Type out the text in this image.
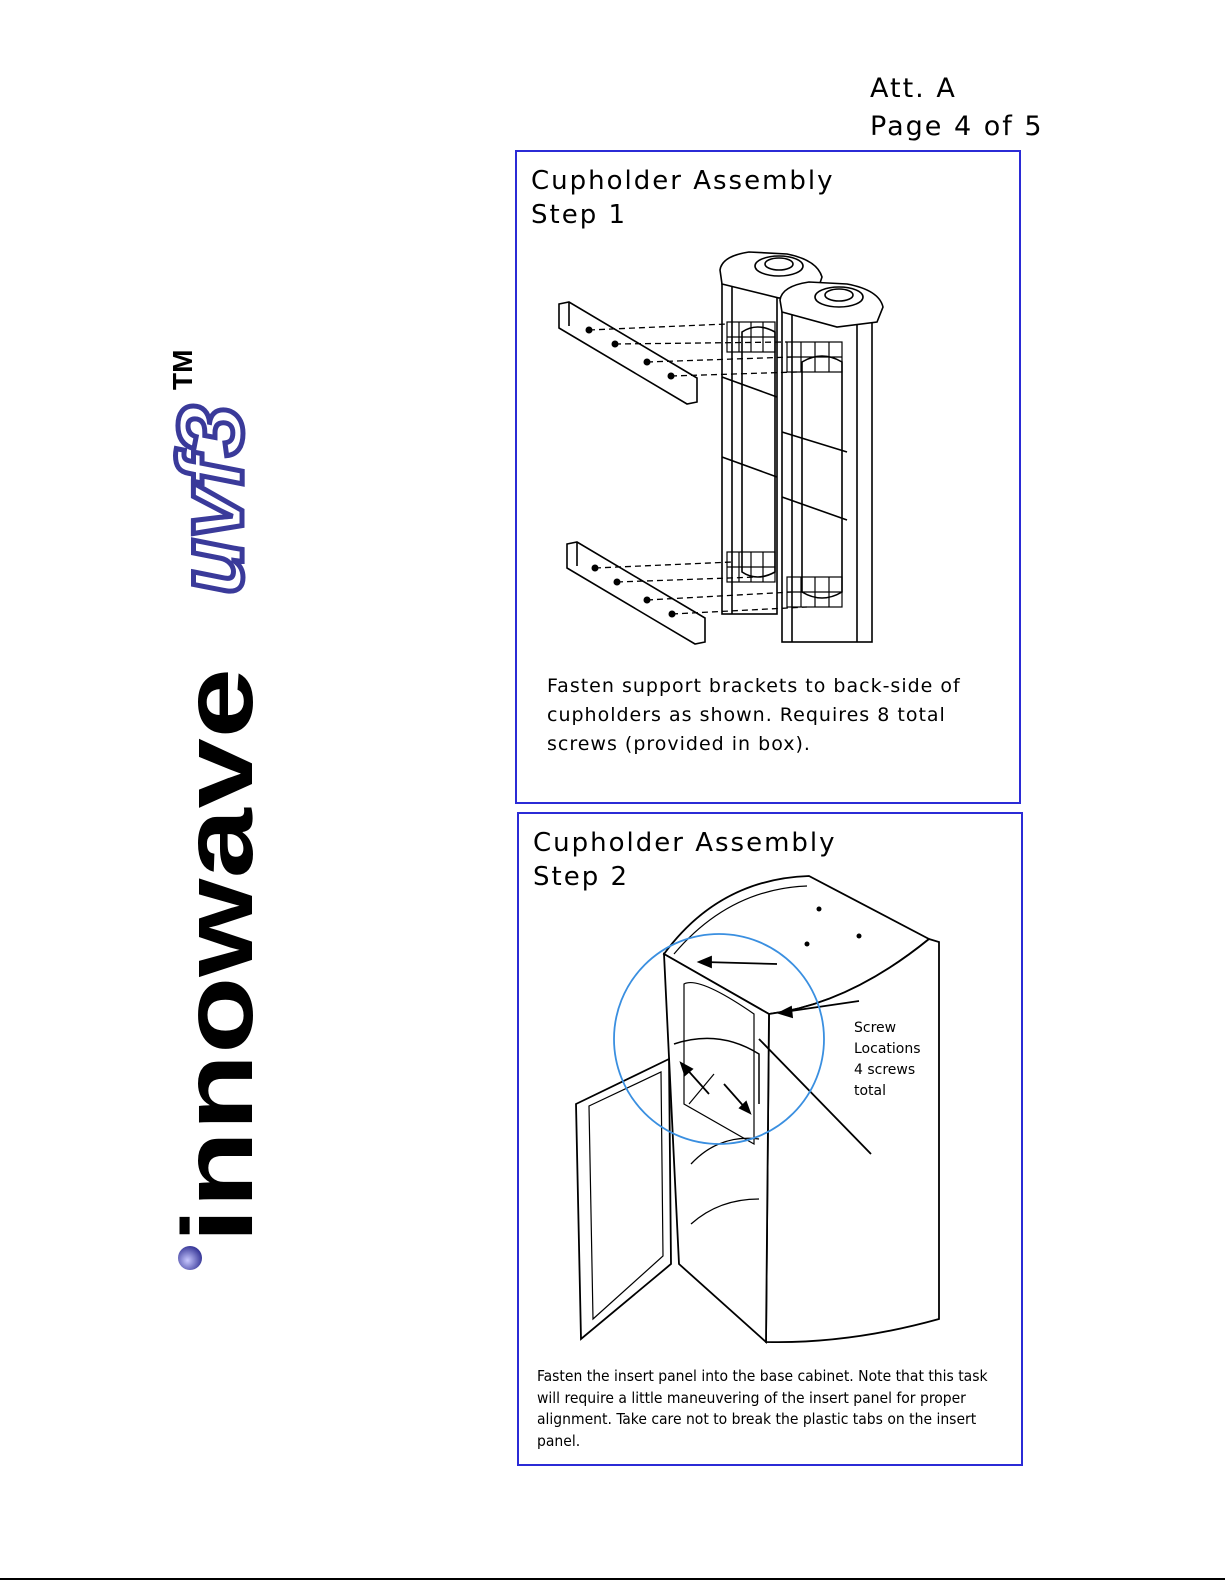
Att. A
Page 4 of 5
innowave
uvf3
TM
Cupholder Assembly
Step 1
Fasten support brackets to back-side of cupholders as shown. Requires 8 total screws (provided in box).
Cupholder Assembly
Step 2
Screw
Locations
4 screws
total
Fasten the insert panel into the base cabinet. Note that this task will require a little maneuvering of the insert panel for proper alignment. Take care not to break the plastic tabs on the insert panel.
